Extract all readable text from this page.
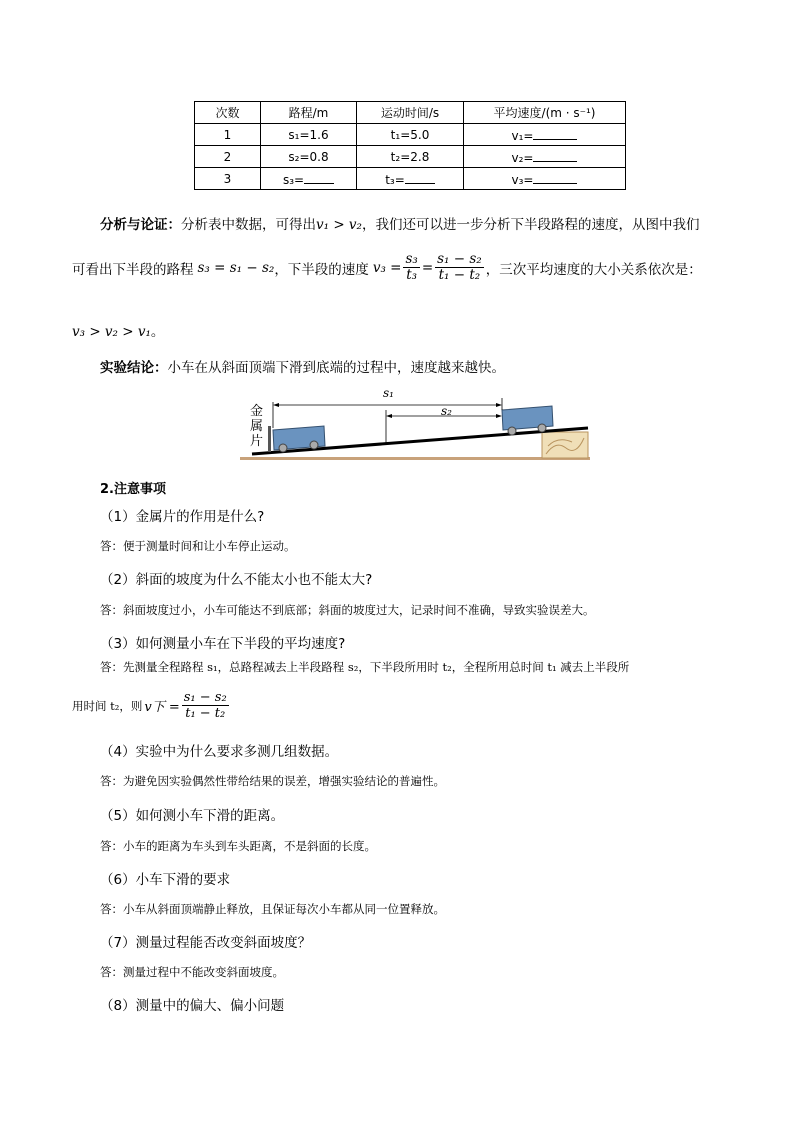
次数	路程/m	运动时间/s	平均速度/(m · s⁻¹)
1	s₁=1.6	t₁=5.0	v₁=
2	s₂=0.8	t₂=2.8	v₂=
3	s₃=	t₃=	v₃=
分析与论证：分析表中数据，可得出v₁ > v₂，我们还可以进一步分析下半段路程的速度，从图中我们
可看出下半段的路程 s₃ = s₁ − s₂ ，下半段的速度 $v_3 = \frac{\text{s₃}}{\text{t₃}} = \frac{\text{s₁ − s₂}}{\text{t₁ − t₂}}$ ，三次平均速度的大小关系依次是：
v₃ > v₂ > v₁。
实验结论：小车在从斜面顶端下滑到底端的过程中，速度越来越快。
金
属
片
s₁
s₂
2.注意事项
（1）金属片的作用是什么?
答：便于测量时间和让小车停止运动。
（2）斜面的坡度为什么不能太小也不能太大?
答：斜面坡度过小，小车可能达不到底部；斜面的坡度过大，记录时间不准确，导致实验误差大。
（3）如何测量小车在下半段的平均速度?
答：先测量全程路程 s₁，总路程减去上半段路程 s₂，下半段所用时 t₂，全程所用总时间 t₁ 减去上半段所
用时间 t₂，则 v下 = $\frac{\text{s₁ − s₂}}{\text{t₁ − t₂}}$
（4）实验中为什么要求多测几组数据。
答：为避免因实验偶然性带给结果的误差，增强实验结论的普遍性。
（5）如何测小车下滑的距离。
答：小车的距离为车头到车头距离，不是斜面的长度。
（6）小车下滑的要求
答：小车从斜面顶端静止释放，且保证每次小车都从同一位置释放。
（7）测量过程能否改变斜面坡度？
答：测量过程中不能改变斜面坡度。
（8）测量中的偏大、偏小问题
